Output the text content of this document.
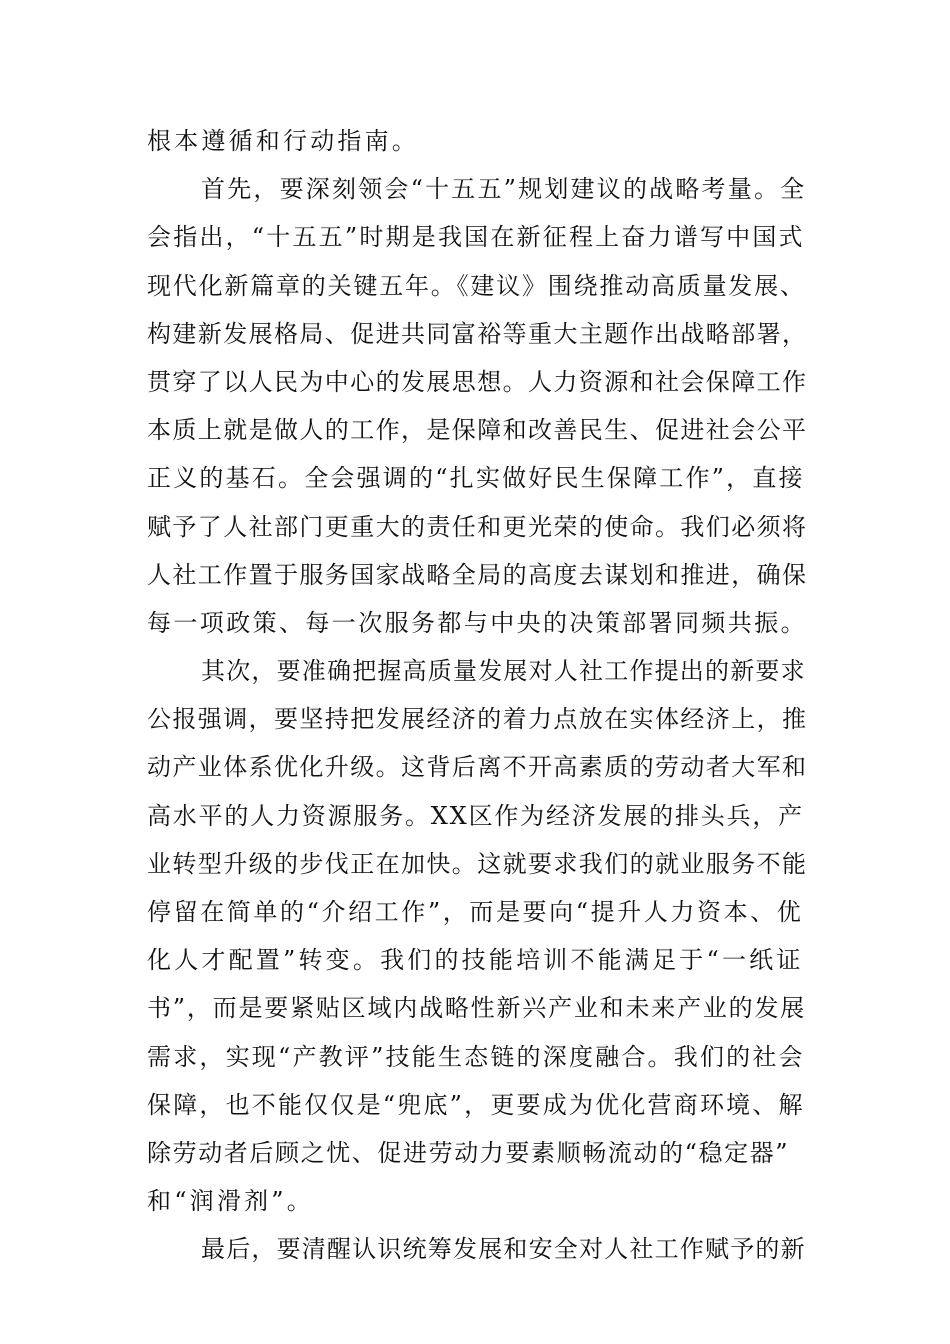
根本遵循和行动指南。
首先，要深刻领会“十五五”规划建议的战略考量。全
会指出，“十五五”时期是我国在新征程上奋力谱写中国式
现代化新篇章的关键五年。《建议》围绕推动高质量发展、
构建新发展格局、促进共同富裕等重大主题作出战略部署，
贯穿了以人民为中心的发展思想。人力资源和社会保障工作
本质上就是做人的工作，是保障和改善民生、促进社会公平
正义的基石。全会强调的“扎实做好民生保障工作”，直接
赋予了人社部门更重大的责任和更光荣的使命。我们必须将
人社工作置于服务国家战略全局的高度去谋划和推进，确保
每一项政策、每一次服务都与中央的决策部署同频共振。
其次，要准确把握高质量发展对人社工作提出的新要求
公报强调，要坚持把发展经济的着力点放在实体经济上，推
动产业体系优化升级。这背后离不开高素质的劳动者大军和
高水平的人力资源服务。XX区作为经济发展的排头兵，产
业转型升级的步伐正在加快。这就要求我们的就业服务不能
停留在简单的“介绍工作”，而是要向“提升人力资本、优
化人才配置”转变。我们的技能培训不能满足于“一纸证
书”，而是要紧贴区域内战略性新兴产业和未来产业的发展
需求，实现“产教评”技能生态链的深度融合。我们的社会
保障，也不能仅仅是“兜底”，更要成为优化营商环境、解
除劳动者后顾之忧、促进劳动力要素顺畅流动的“稳定器”
和“润滑剂”。
最后，要清醒认识统筹发展和安全对人社工作赋予的新
